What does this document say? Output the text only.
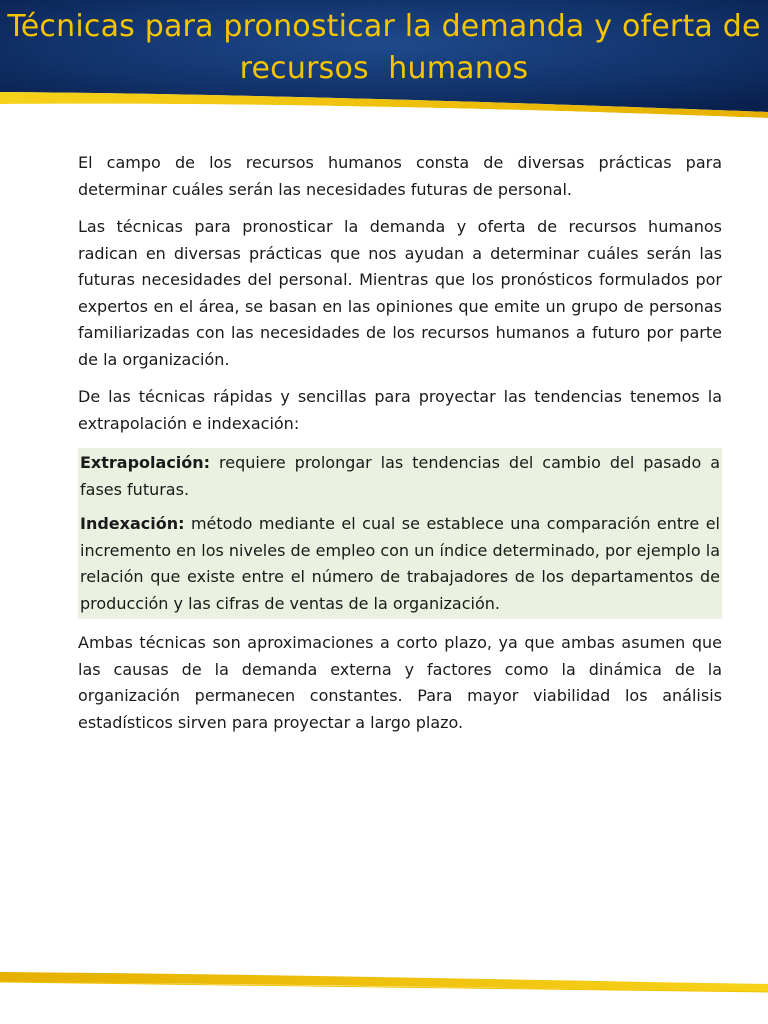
Técnicas para pronosticar la demanda y oferta de
recursos  humanos

El campo de los recursos humanos consta de diversas prácticas para determinar cuáles serán las necesidades futuras de personal.

Las técnicas para pronosticar la demanda y oferta de recursos humanos radican en diversas prácticas que nos ayudan a determinar cuáles serán las futuras necesidades del personal. Mientras que los pronósticos formulados por expertos en el área, se basan en las opiniones que emite un grupo de personas familiarizadas con las necesidades de los recursos humanos a futuro por parte de la organización.

De las técnicas rápidas y sencillas para proyectar las tendencias tenemos la extrapolación e indexación:

Extrapolación: requiere prolongar las tendencias del cambio del pasado a fases futuras.

Indexación: método mediante el cual se establece una comparación entre el incremento en los niveles de empleo con un índice determinado, por ejemplo la relación que existe entre el número de trabajadores de los departamentos de producción y las cifras de ventas de la organización.

Ambas técnicas son aproximaciones a corto plazo, ya que ambas asumen que las causas de la demanda externa y factores como la dinámica de la organización permanecen constantes. Para mayor viabilidad los análisis estadísticos sirven para proyectar a largo plazo.
